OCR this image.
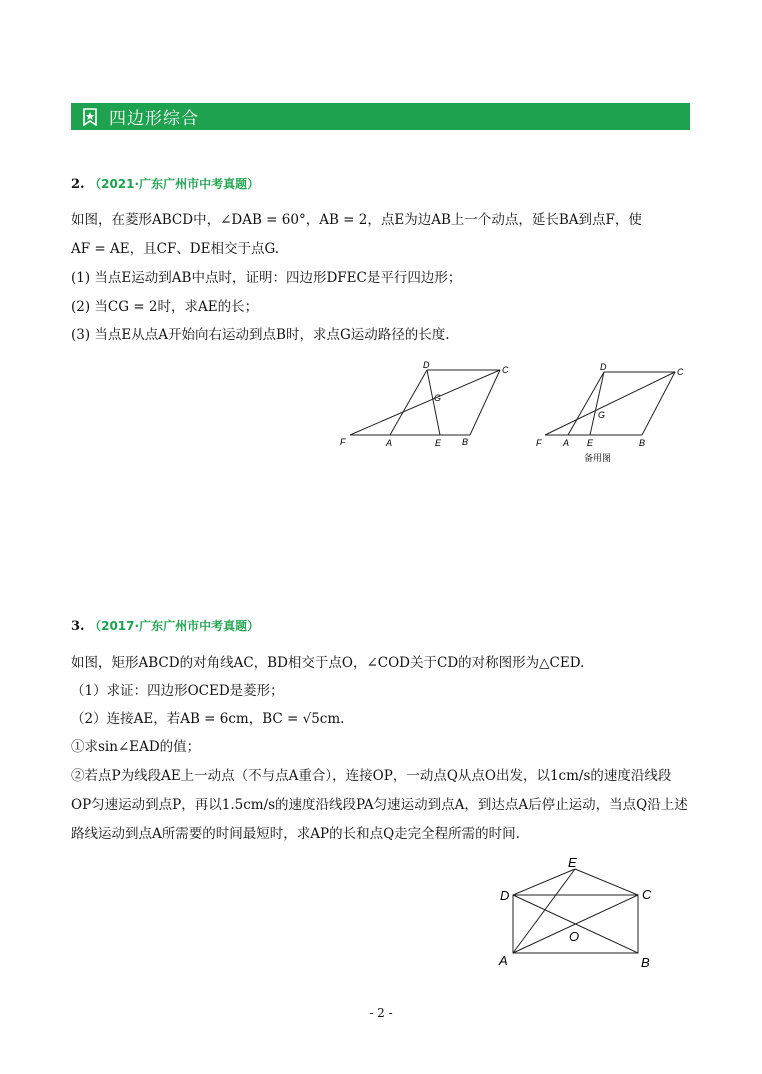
四边形综合
2. （2021·广东广州市中考真题）
如图，在菱形ABCD中，∠DAB = 60°，AB = 2，点E为边AB上一个动点，延长BA到点F，使
AF = AE，且CF、DE相交于点G.
(1) 当点E运动到AB中点时，证明：四边形DFEC是平行四边形；
(2) 当CG = 2时，求AE的长；
(3) 当点E从点A开始向右运动到点B时，求点G运动路径的长度.
D	C
G
F	A	E B
D	C
G
F A E	B
备用图
3. （2017·广东广州市中考真题）
如图，矩形ABCD的对角线AC，BD相交于点O，∠COD关于CD的对称图形为△CED.
（1）求证：四边形OCED是菱形；
（2）连接AE，若AB = 6cm，BC = √5cm.
①求sin∠EAD的值；
②若点P为线段AE上一动点（不与点A重合），连接OP，一动点Q从点O出发，以1cm/s的速度沿线段
OP匀速运动到点P，再以1.5cm/s的速度沿线段PA匀速运动到点A，到达点A后停止运动，当点Q沿上述
路线运动到点A所需要的时间最短时，求AP的长和点Q走完全程所需的时间.
E
D	C
O
A	B
- 2 -
